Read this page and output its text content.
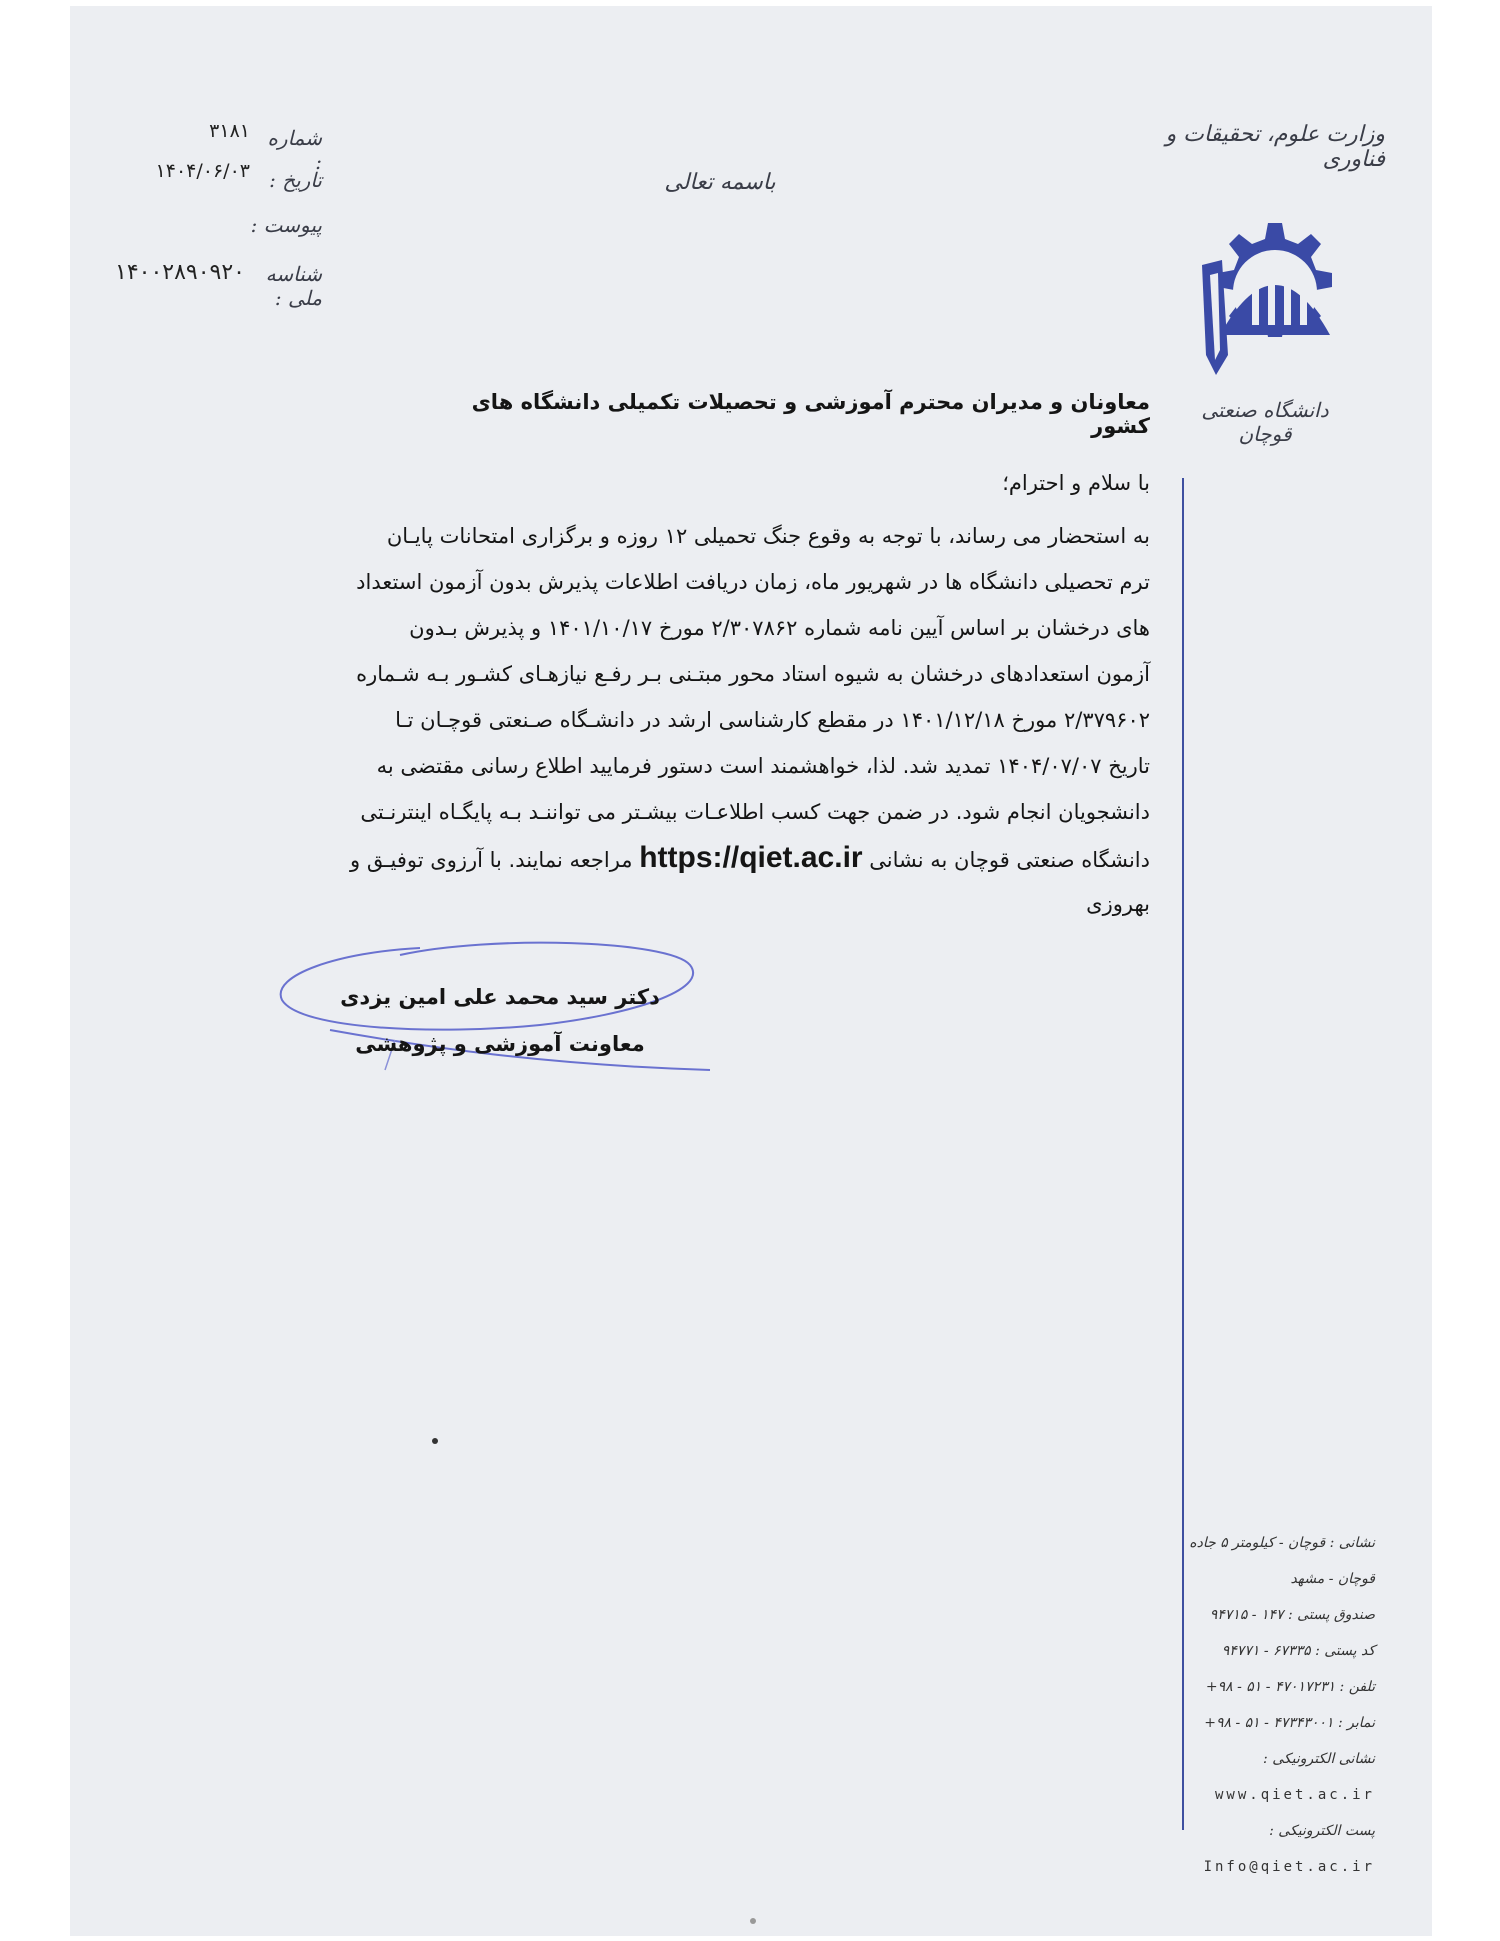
وزارت علوم، تحقیقات و فناوری
دانشگاه صنعتی قوچان
باسمه تعالی
شماره :
۳۱۸۱
تاریخ :
۱۴۰۴/۰۶/۰۳
پیوست :
شناسه ملی :
۱۴۰۰۲۸۹۰۹۲۰
معاونان و مدیران محترم آموزشی و تحصیلات تکمیلی دانشگاه های کشور
با سلام و احترام؛
به استحضار می رساند، با توجه به وقوع جنگ تحمیلی ۱۲ روزه و برگزاری امتحانات پایـان
ترم تحصیلی دانشگاه ها در شهریور ماه، زمان دریافت اطلاعات پذیرش بدون آزمون استعداد
های درخشان بر اساس آیین نامه شماره ۲/۳۰۷۸۶۲ مورخ ۱۴۰۱/۱۰/۱۷ و پذیرش بـدون
آزمون استعدادهای درخشان به شیوه استاد محور مبتـنی بـر رفـع نیازهـای کشـور بـه شـماره
۲/۳۷۹۶۰۲ مورخ ۱۴۰۱/۱۲/۱۸ در مقطع کارشناسی ارشد در دانشـگاه صـنعتی قوچـان تـا
تاریخ ۱۴۰۴/۰۷/۰۷ تمدید شد. لذا، خواهشمند است دستور فرمایید اطلاع رسانی مقتضی به
دانشجویان انجام شود. در ضمن جهت کسب اطلاعـات بیشـتر می تواننـد بـه پایگـاه اینترنـتی
دانشگاه صنعتی قوچان به نشانی https://qiet.ac.ir مراجعه نمایند. با آرزوی توفیـق و
بهروزی
دکتر سید محمد علی امین یزدی
معاونت آموزشی و پژوهشی
نشانی : قوچان - کیلومتر ۵ جاده
قوچان - مشهد
صندوق پستی : ۱۴۷ - ۹۴۷۱۵
کد پستی : ۶۷۳۳۵ - ۹۴۷۷۱
تلفن : ۴۷۰۱۷۲۳۱ - ۵۱ - ۹۸+
نمابر : ۴۷۳۴۳۰۰۱ - ۵۱ - ۹۸+
نشانی الکترونیکی :
www.qiet.ac.ir
پست الکترونیکی :
Info@qiet.ac.ir
